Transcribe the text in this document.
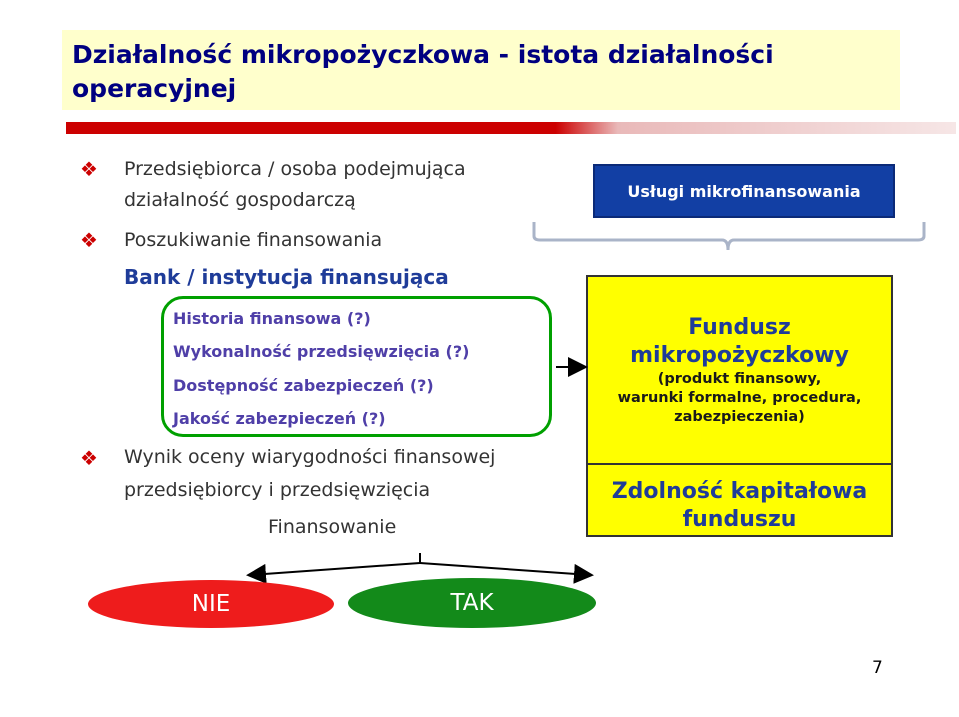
Działalność mikropożyczkowa - istota działalności operacyjnej
❖ Przedsiębiorca / osoba podejmująca
działalność gospodarczą
❖ Poszukiwanie finansowania
Bank / instytucja finansująca
Historia finansowa (?)
Wykonalność przedsięwzięcia (?)
Dostępność zabezpieczeń (?)
Jakość zabezpieczeń (?)
❖ Wynik oceny wiarygodności finansowej
przedsiębiorcy i przedsięwzięcia
Finansowanie
Usługi mikrofinansowania
Fundusz
mikropożyczkowy
(produkt finansowy,
warunki formalne, procedura,
zabezpieczenia)
Zdolność kapitałowa
funduszu
NIE	TAK
7
